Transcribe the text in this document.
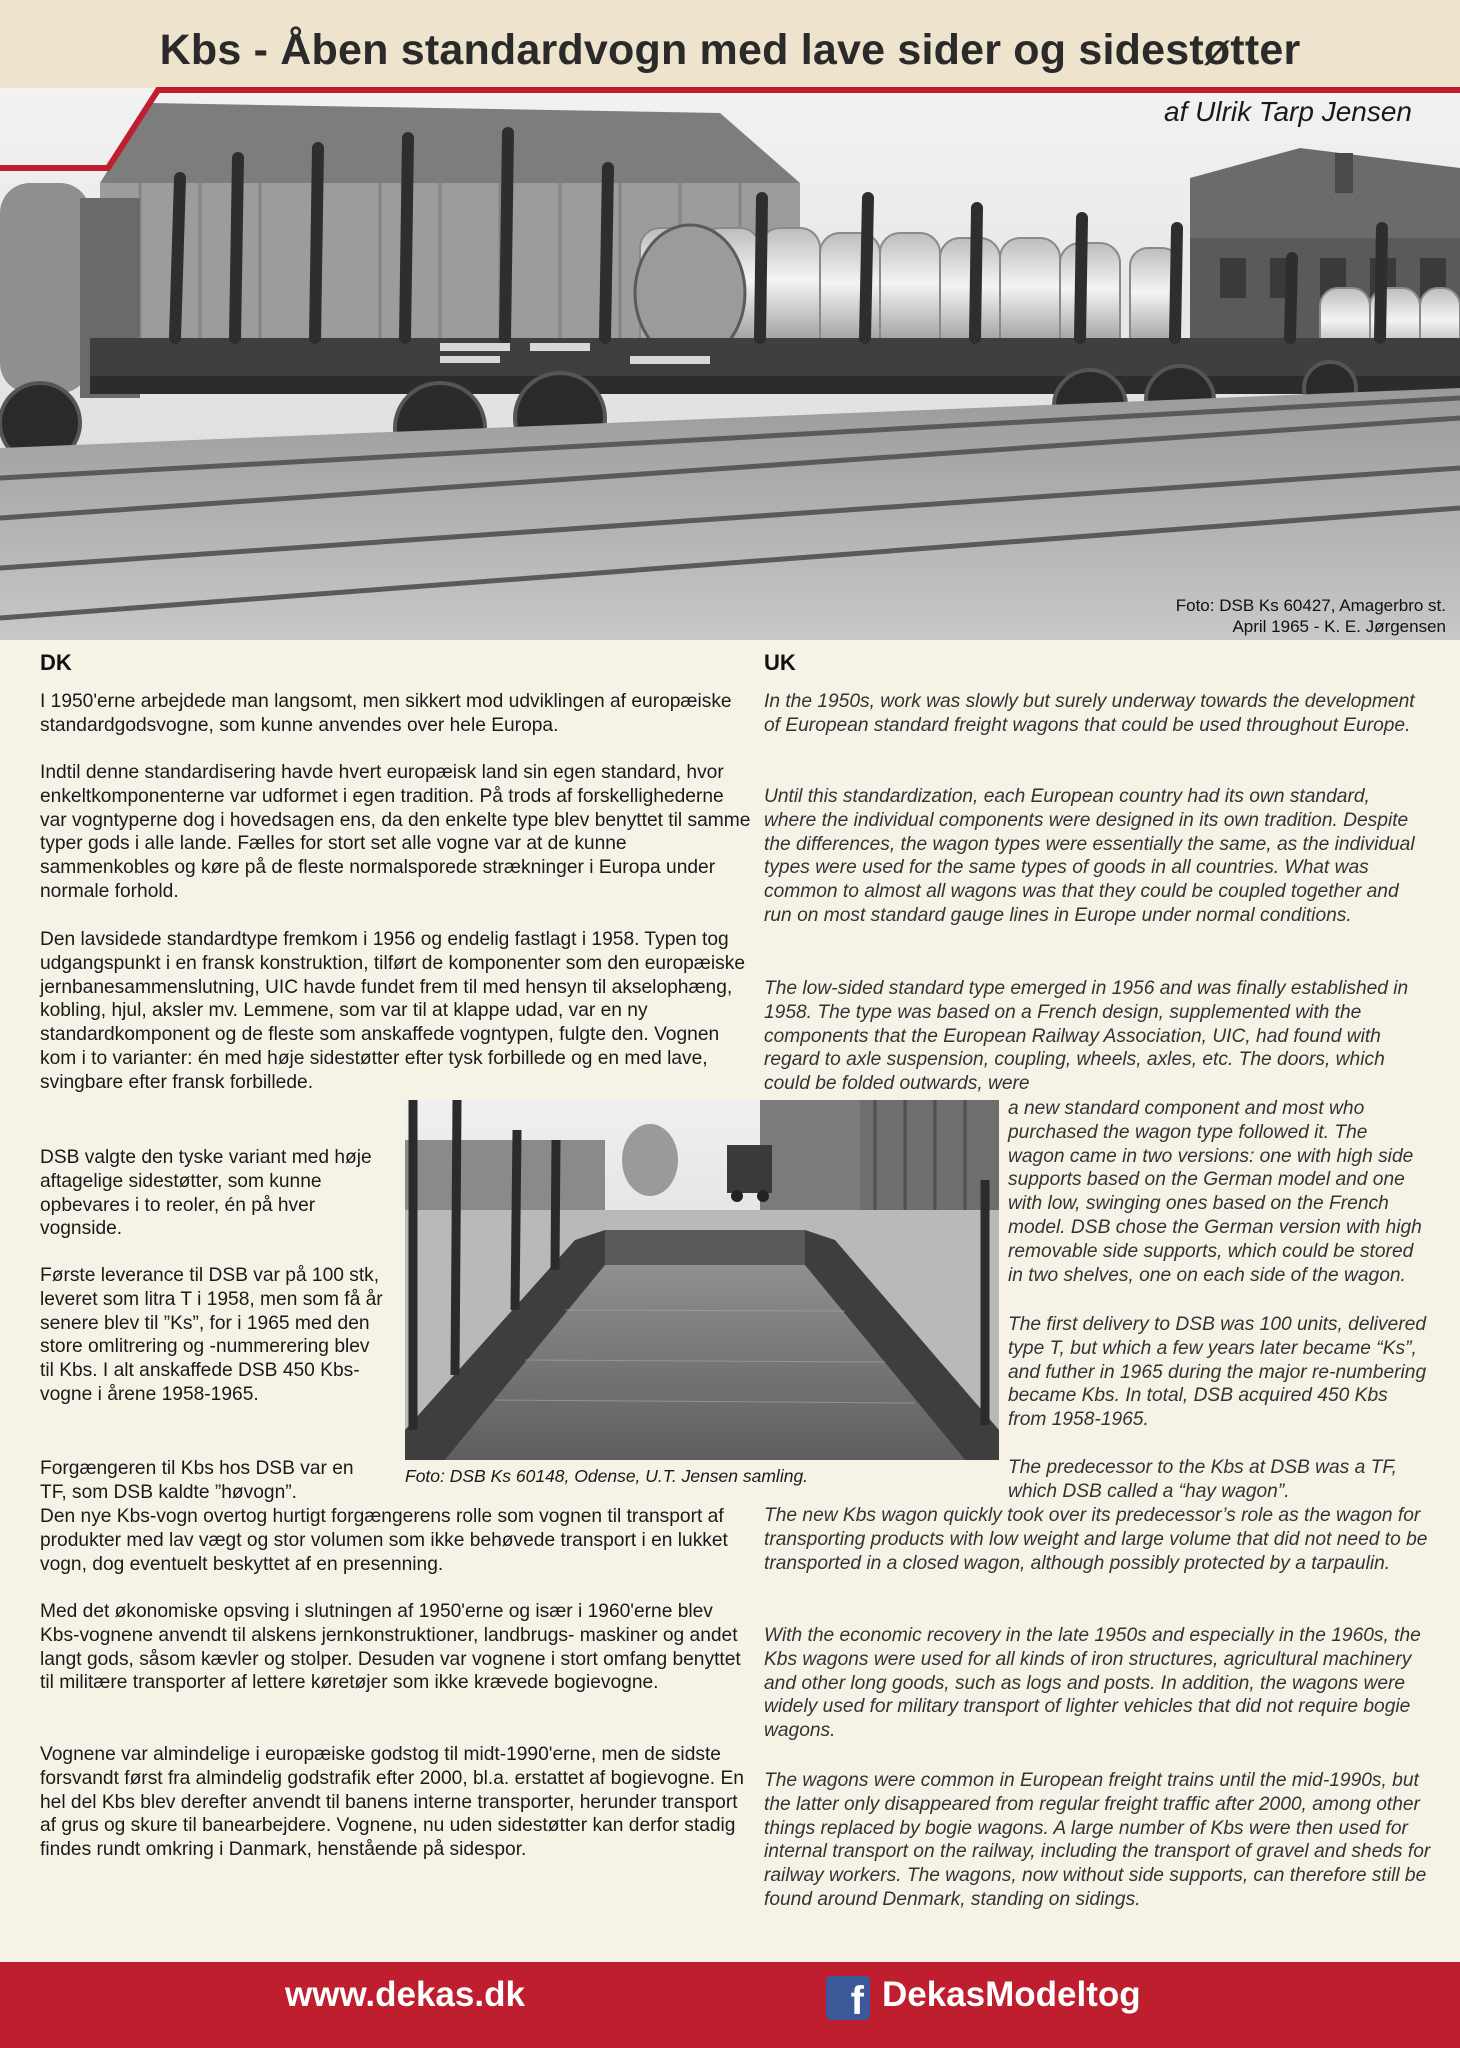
Kbs - Åben standardvogn med lave sider og sidestøtter
af Ulrik Tarp Jensen
Foto: DSB Ks 60427, Amagerbro st.
April 1965 - K. E. Jørgensen
DK
I 1950'erne arbejdede man langsomt, men sikkert mod udviklingen af europæiske standardgodsvogne, som kunne anvendes over hele Europa.
Indtil denne standardisering havde hvert europæisk land sin egen standard, hvor enkeltkomponenterne var udformet i egen tradition. På trods af forskellighederne var vogntyperne dog i hovedsagen ens, da den enkelte type blev benyttet til samme typer gods i alle lande. Fælles for stort set alle vogne var at de kunne sammenkobles og køre på de fleste normalsporede strækninger i Europa under normale forhold.
Den lavsidede standardtype fremkom i 1956 og endelig fastlagt i 1958. Typen tog udgangspunkt i en fransk konstruktion, tilført de komponenter som den europæiske jernbanesammenslutning, UIC havde fundet frem til med hensyn til akselophæng, kobling, hjul, aksler mv. Lemmene, som var til at klappe udad, var en ny standardkomponent og de fleste som anskaffede vogntypen, fulgte den. Vognen kom i to varianter: én med høje sidestøtter efter tysk forbillede og en med lave, svingbare efter fransk forbillede.
DSB valgte den tyske variant med høje aftagelige sidestøtter, som kunne opbevares i to reoler, én på hver vognside.
Første leverance til DSB var på 100 stk, leveret som litra T i 1958, men som få år senere blev til ”Ks”, for i 1965 med den store omlitrering og -nummerering blev til Kbs. I alt anskaffede DSB 450 Kbs-vogne i årene 1958-1965.
Forgængeren til Kbs hos DSB var en TF, som DSB kaldte ”høvogn”.
Den nye Kbs-vogn overtog hurtigt forgængerens rolle som vognen til transport af produkter med lav vægt og stor volumen som ikke behøvede transport i en lukket vogn, dog eventuelt beskyttet af en presenning.
Med det økonomiske opsving i slutningen af 1950'erne og især i 1960'erne blev Kbs-vognene anvendt til alskens jernkonstruktioner, landbrugs- maskiner og andet langt gods, såsom kævler og stolper. Desuden var vognene i stort omfang benyttet til militære transporter af lettere køretøjer som ikke krævede bogievogne.
Vognene var almindelige i europæiske godstog til midt-1990'erne, men de sidste forsvandt først fra almindelig godstrafik efter 2000, bl.a. erstattet af bogievogne. En hel del Kbs blev derefter anvendt til banens interne transporter, herunder transport af grus og skure til banearbejdere. Vognene, nu uden sidestøtter kan derfor stadig findes rundt omkring i Danmark, henstående på sidespor.
UK
In the 1950s, work was slowly but surely underway towards the development of European standard freight wagons that could be used throughout Europe.
Until this standardization, each European country had its own standard, where the individual components were designed in its own tradition. Despite the differences, the wagon types were essentially the same, as the individual types were used for the same types of goods in all countries. What was common to almost all wagons was that they could be coupled together and run on most standard gauge lines in Europe under normal conditions.
The low-sided standard type emerged in 1956 and was finally established in 1958. The type was based on a French design, supplemented with the components that the European Railway Association, UIC, had found with regard to axle suspension, coupling, wheels, axles, etc. The doors, which could be folded outwards, were
a new standard component and most who purchased the wagon type followed it. The wagon came in two versions: one with high side supports based on the German model and one with low, swinging ones based on the French model. DSB chose the German version with high removable side supports, which could be stored in two shelves, one on each side of the wagon.
The first delivery to DSB was 100 units, delivered type T, but which a few years later became “Ks”, and futher in 1965 during the major re-numbering became Kbs. In total, DSB acquired 450 Kbs from 1958-1965.
The predecessor to the Kbs at DSB was a TF, which DSB called a “hay wagon”.
The new Kbs wagon quickly took over its predecessor’s role as the wagon for transporting products with low weight and large volume that did not need to be transported in a closed wagon, although possibly protected by a tarpaulin.
With the economic recovery in the late 1950s and especially in the 1960s, the Kbs wagons were used for all kinds of iron structures, agricultural machinery and other long goods, such as logs and posts. In addition, the wagons were widely used for military transport of lighter vehicles that did not require bogie wagons.
The wagons were common in European freight trains until the mid-1990s, but the latter only disappeared from regular freight traffic after 2000, among other things replaced by bogie wagons. A large number of Kbs were then used for internal transport on the railway, including the transport of gravel and sheds for railway workers. The wagons, now without side supports, can therefore still be found around Denmark, standing on sidings.
Foto: DSB Ks 60148, Odense, U.T. Jensen samling.
www.dekas.dk	f DekasModeltog
